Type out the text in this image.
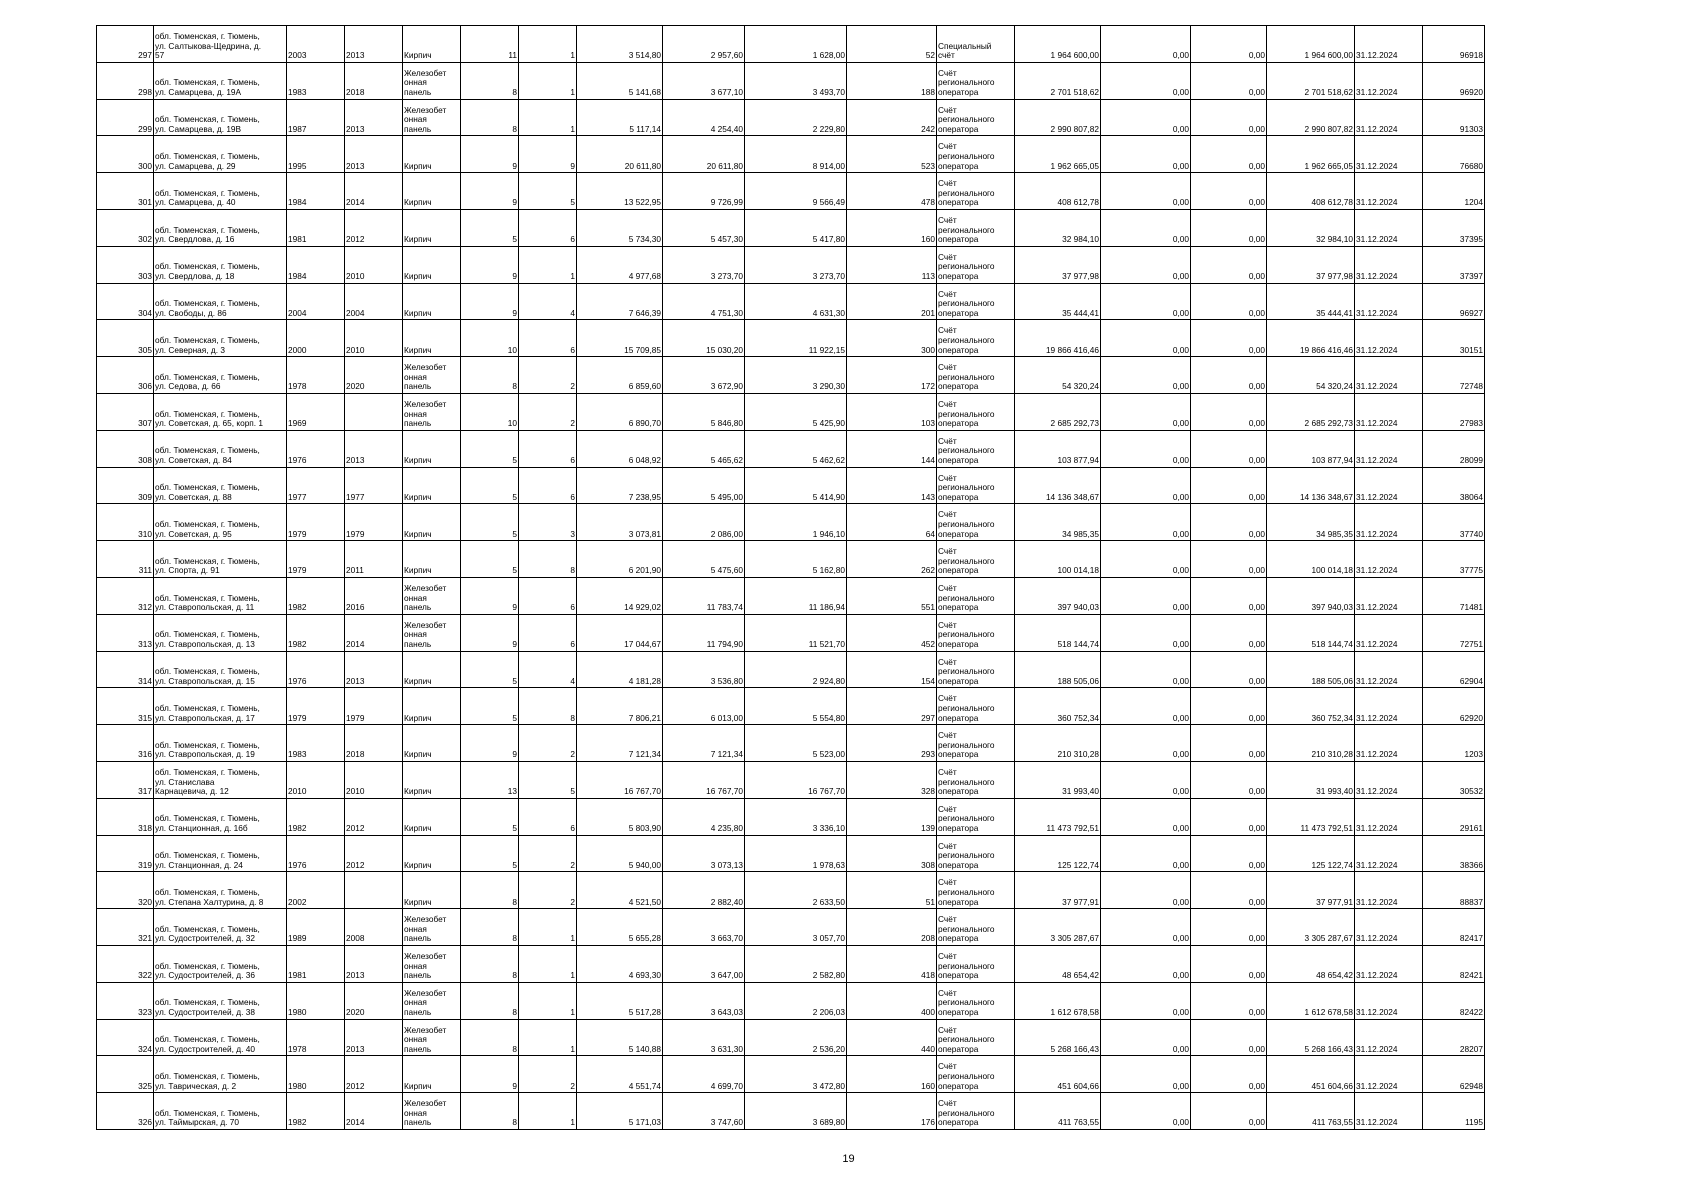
297	обл. Тюменская, г. Тюмень,
ул. Салтыкова-Щедрина, д.
57	2003	2013	Кирпич	11	1	3 514,80	2 957,60	1 628,00	52	Специальный
счёт	1 964 600,00	0,00	0,00	1 964 600,00	31.12.2024	96918
298	обл. Тюменская, г. Тюмень,
ул. Самарцева, д. 19А	1983	2018	Железобет
онная
панель	8	1	5 141,68	3 677,10	3 493,70	188	Счёт
регионального
оператора	2 701 518,62	0,00	0,00	2 701 518,62	31.12.2024	96920
299	обл. Тюменская, г. Тюмень,
ул. Самарцева, д. 19В	1987	2013	Железобет
онная
панель	8	1	5 117,14	4 254,40	2 229,80	242	Счёт
регионального
оператора	2 990 807,82	0,00	0,00	2 990 807,82	31.12.2024	91303
300	обл. Тюменская, г. Тюмень,
ул. Самарцева, д. 29	1995	2013	Кирпич	9	9	20 611,80	20 611,80	8 914,00	523	Счёт
регионального
оператора	1 962 665,05	0,00	0,00	1 962 665,05	31.12.2024	76680
301	обл. Тюменская, г. Тюмень,
ул. Самарцева, д. 40	1984	2014	Кирпич	9	5	13 522,95	9 726,99	9 566,49	478	Счёт
регионального
оператора	408 612,78	0,00	0,00	408 612,78	31.12.2024	1204
302	обл. Тюменская, г. Тюмень,
ул. Свердлова, д. 16	1981	2012	Кирпич	5	6	5 734,30	5 457,30	5 417,80	160	Счёт
регионального
оператора	32 984,10	0,00	0,00	32 984,10	31.12.2024	37395
303	обл. Тюменская, г. Тюмень,
ул. Свердлова, д. 18	1984	2010	Кирпич	9	1	4 977,68	3 273,70	3 273,70	113	Счёт
регионального
оператора	37 977,98	0,00	0,00	37 977,98	31.12.2024	37397
304	обл. Тюменская, г. Тюмень,
ул. Свободы, д. 86	2004	2004	Кирпич	9	4	7 646,39	4 751,30	4 631,30	201	Счёт
регионального
оператора	35 444,41	0,00	0,00	35 444,41	31.12.2024	96927
305	обл. Тюменская, г. Тюмень,
ул. Северная, д. 3	2000	2010	Кирпич	10	6	15 709,85	15 030,20	11 922,15	300	Счёт
регионального
оператора	19 866 416,46	0,00	0,00	19 866 416,46	31.12.2024	30151
306	обл. Тюменская, г. Тюмень,
ул. Седова, д. 66	1978	2020	Железобет
онная
панель	8	2	6 859,60	3 672,90	3 290,30	172	Счёт
регионального
оператора	54 320,24	0,00	0,00	54 320,24	31.12.2024	72748
307	обл. Тюменская, г. Тюмень,
ул. Советская, д. 65, корп. 1	1969		Железобет
онная
панель	10	2	6 890,70	5 846,80	5 425,90	103	Счёт
регионального
оператора	2 685 292,73	0,00	0,00	2 685 292,73	31.12.2024	27983
308	обл. Тюменская, г. Тюмень,
ул. Советская, д. 84	1976	2013	Кирпич	5	6	6 048,92	5 465,62	5 462,62	144	Счёт
регионального
оператора	103 877,94	0,00	0,00	103 877,94	31.12.2024	28099
309	обл. Тюменская, г. Тюмень,
ул. Советская, д. 88	1977	1977	Кирпич	5	6	7 238,95	5 495,00	5 414,90	143	Счёт
регионального
оператора	14 136 348,67	0,00	0,00	14 136 348,67	31.12.2024	38064
310	обл. Тюменская, г. Тюмень,
ул. Советская, д. 95	1979	1979	Кирпич	5	3	3 073,81	2 086,00	1 946,10	64	Счёт
регионального
оператора	34 985,35	0,00	0,00	34 985,35	31.12.2024	37740
311	обл. Тюменская, г. Тюмень,
ул. Спорта, д. 91	1979	2011	Кирпич	5	8	6 201,90	5 475,60	5 162,80	262	Счёт
регионального
оператора	100 014,18	0,00	0,00	100 014,18	31.12.2024	37775
312	обл. Тюменская, г. Тюмень,
ул. Ставропольская, д. 11	1982	2016	Железобет
онная
панель	9	6	14 929,02	11 783,74	11 186,94	551	Счёт
регионального
оператора	397 940,03	0,00	0,00	397 940,03	31.12.2024	71481
313	обл. Тюменская, г. Тюмень,
ул. Ставропольская, д. 13	1982	2014	Железобет
онная
панель	9	6	17 044,67	11 794,90	11 521,70	452	Счёт
регионального
оператора	518 144,74	0,00	0,00	518 144,74	31.12.2024	72751
314	обл. Тюменская, г. Тюмень,
ул. Ставропольская, д. 15	1976	2013	Кирпич	5	4	4 181,28	3 536,80	2 924,80	154	Счёт
регионального
оператора	188 505,06	0,00	0,00	188 505,06	31.12.2024	62904
315	обл. Тюменская, г. Тюмень,
ул. Ставропольская, д. 17	1979	1979	Кирпич	5	8	7 806,21	6 013,00	5 554,80	297	Счёт
регионального
оператора	360 752,34	0,00	0,00	360 752,34	31.12.2024	62920
316	обл. Тюменская, г. Тюмень,
ул. Ставропольская, д. 19	1983	2018	Кирпич	9	2	7 121,34	7 121,34	5 523,00	293	Счёт
регионального
оператора	210 310,28	0,00	0,00	210 310,28	31.12.2024	1203
317	обл. Тюменская, г. Тюмень,
ул. Станислава
Карнацевича, д. 12	2010	2010	Кирпич	13	5	16 767,70	16 767,70	16 767,70	328	Счёт
регионального
оператора	31 993,40	0,00	0,00	31 993,40	31.12.2024	30532
318	обл. Тюменская, г. Тюмень,
ул. Станционная, д. 16б	1982	2012	Кирпич	5	6	5 803,90	4 235,80	3 336,10	139	Счёт
регионального
оператора	11 473 792,51	0,00	0,00	11 473 792,51	31.12.2024	29161
319	обл. Тюменская, г. Тюмень,
ул. Станционная, д. 24	1976	2012	Кирпич	5	2	5 940,00	3 073,13	1 978,63	308	Счёт
регионального
оператора	125 122,74	0,00	0,00	125 122,74	31.12.2024	38366
320	обл. Тюменская, г. Тюмень,
ул. Степана Халтурина, д. 8	2002		Кирпич	8	2	4 521,50	2 882,40	2 633,50	51	Счёт
регионального
оператора	37 977,91	0,00	0,00	37 977,91	31.12.2024	88837
321	обл. Тюменская, г. Тюмень,
ул. Судостроителей, д. 32	1989	2008	Железобет
онная
панель	8	1	5 655,28	3 663,70	3 057,70	208	Счёт
регионального
оператора	3 305 287,67	0,00	0,00	3 305 287,67	31.12.2024	82417
322	обл. Тюменская, г. Тюмень,
ул. Судостроителей, д. 36	1981	2013	Железобет
онная
панель	8	1	4 693,30	3 647,00	2 582,80	418	Счёт
регионального
оператора	48 654,42	0,00	0,00	48 654,42	31.12.2024	82421
323	обл. Тюменская, г. Тюмень,
ул. Судостроителей, д. 38	1980	2020	Железобет
онная
панель	8	1	5 517,28	3 643,03	2 206,03	400	Счёт
регионального
оператора	1 612 678,58	0,00	0,00	1 612 678,58	31.12.2024	82422
324	обл. Тюменская, г. Тюмень,
ул. Судостроителей, д. 40	1978	2013	Железобет
онная
панель	8	1	5 140,88	3 631,30	2 536,20	440	Счёт
регионального
оператора	5 268 166,43	0,00	0,00	5 268 166,43	31.12.2024	28207
325	обл. Тюменская, г. Тюмень,
ул. Таврическая, д. 2	1980	2012	Кирпич	9	2	4 551,74	4 699,70	3 472,80	160	Счёт
регионального
оператора	451 604,66	0,00	0,00	451 604,66	31.12.2024	62948
326	обл. Тюменская, г. Тюмень,
ул. Таймырская, д. 70	1982	2014	Железобет
онная
панель	8	1	5 171,03	3 747,60	3 689,80	176	Счёт
регионального
оператора	411 763,55	0,00	0,00	411 763,55	31.12.2024	1195
19
